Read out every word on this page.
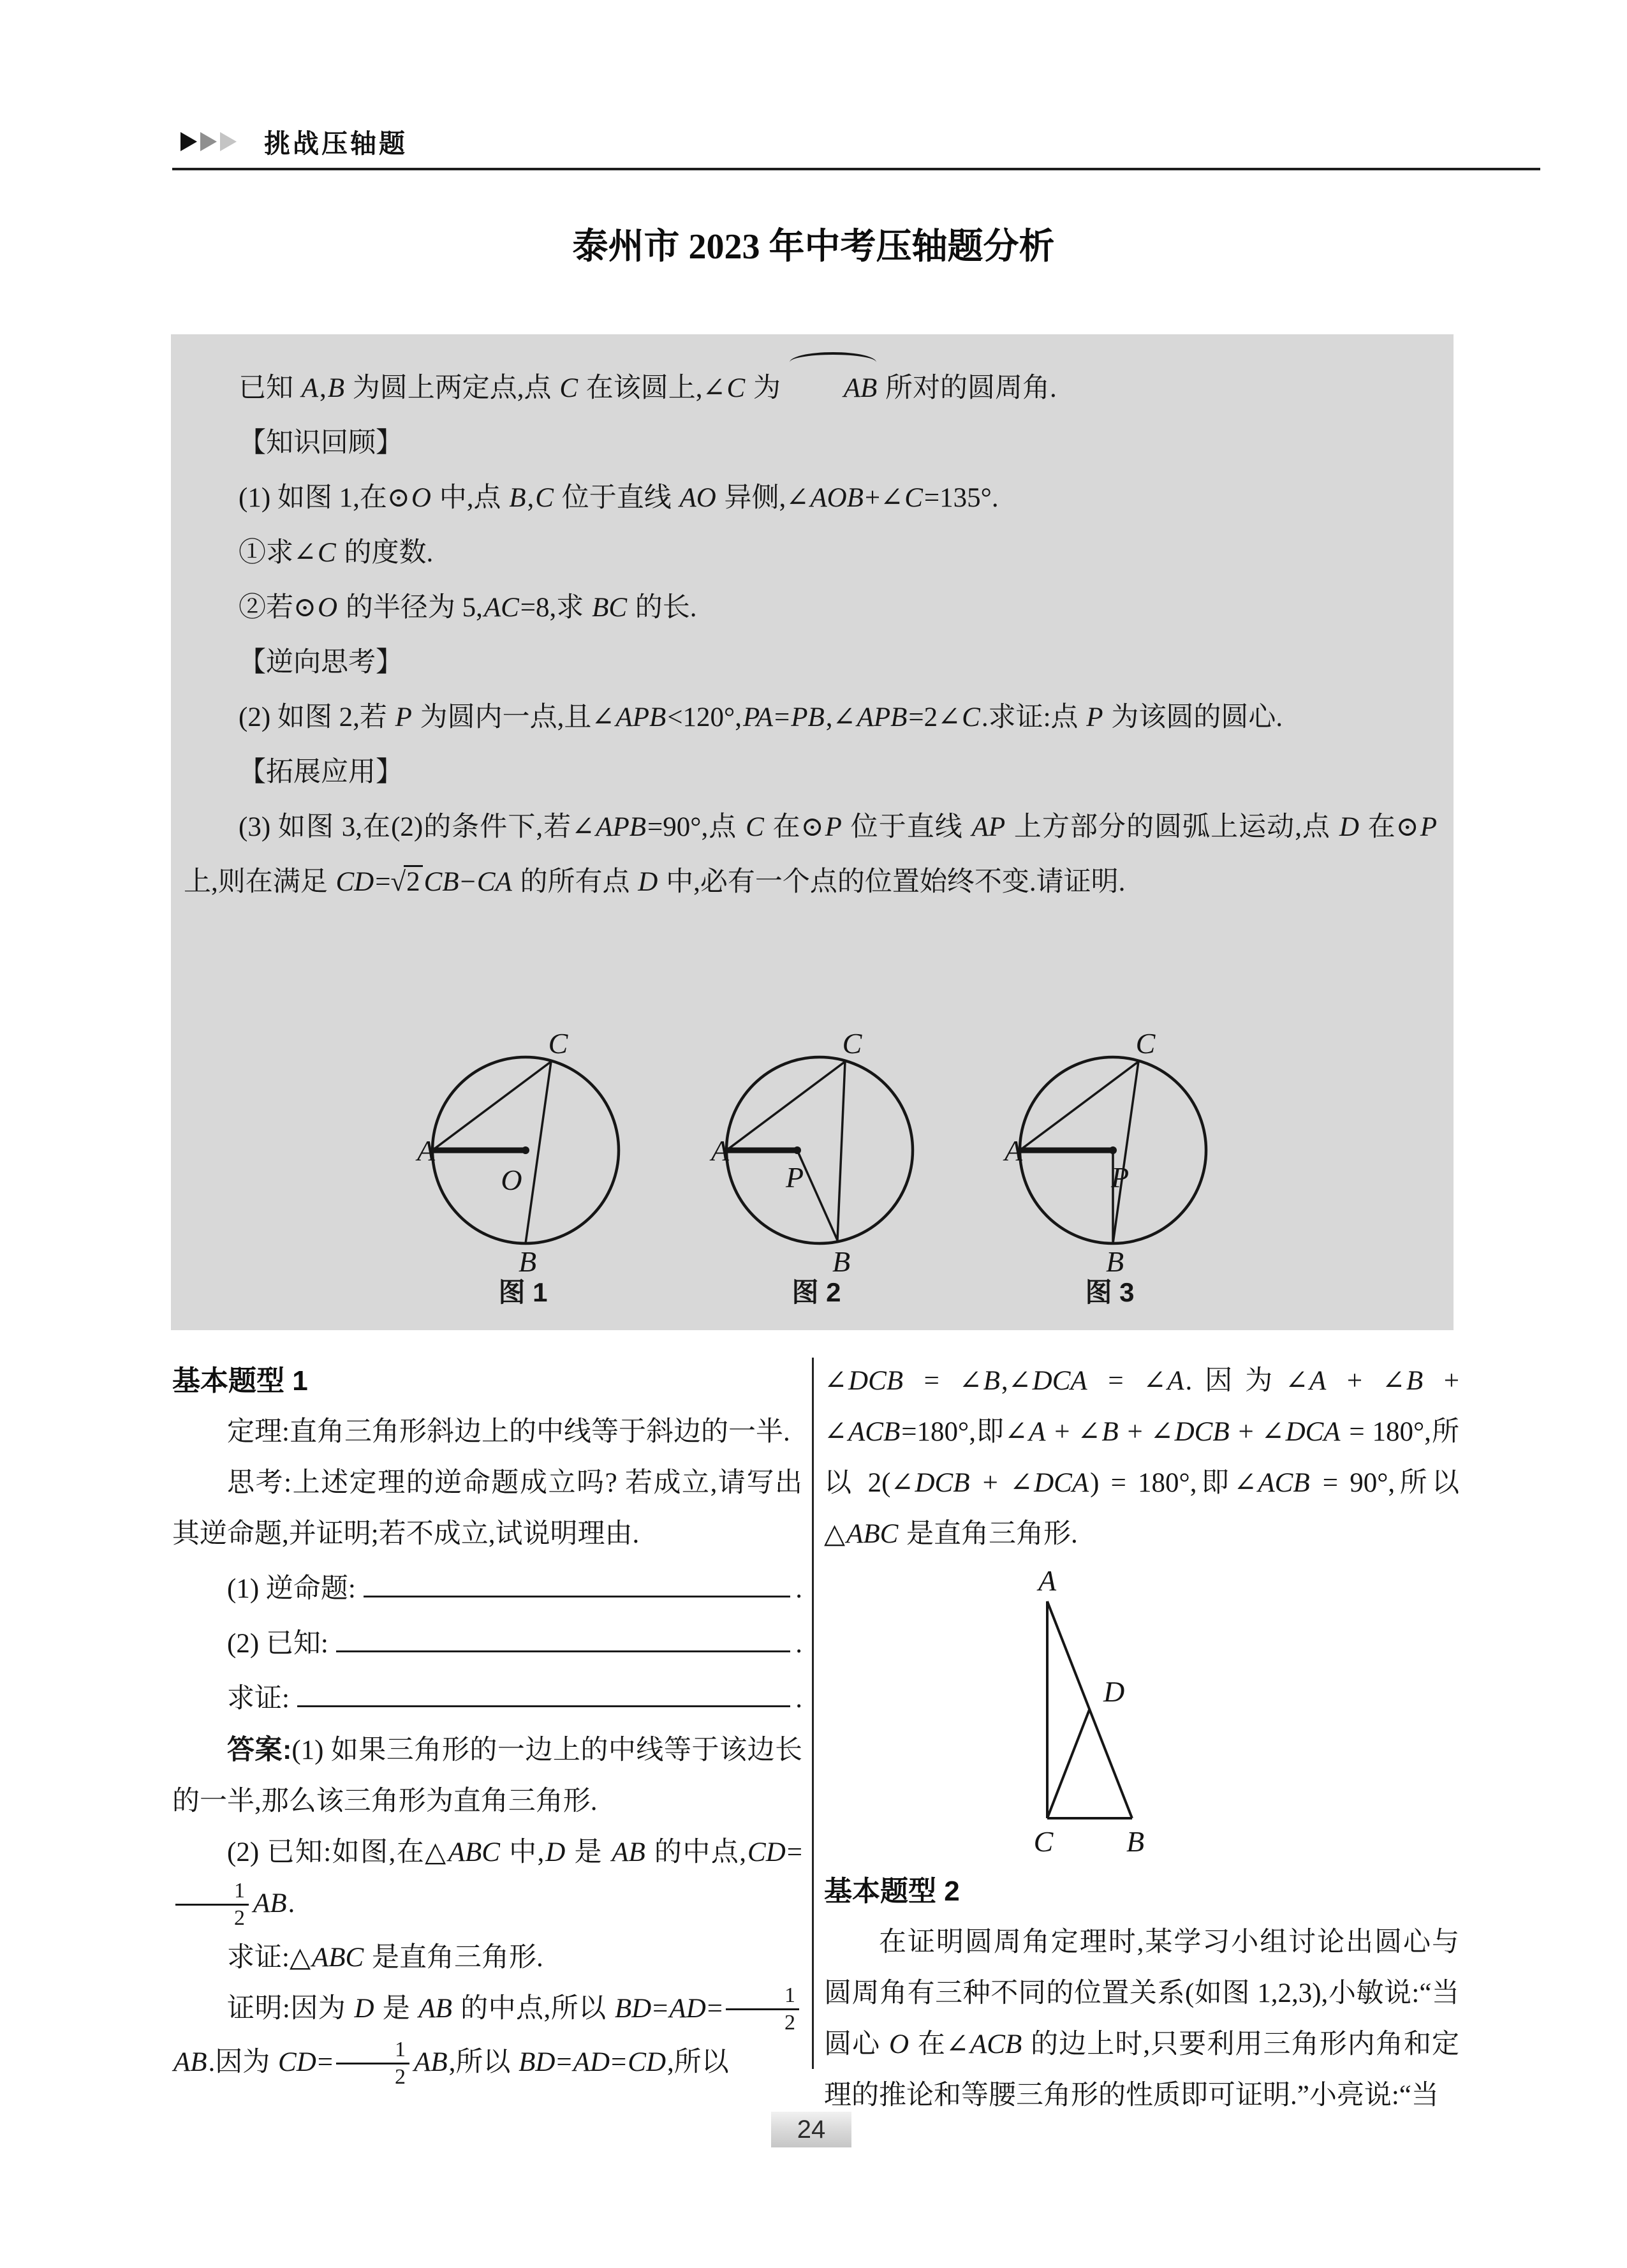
挑战压轴题
泰州市 2023 年中考压轴题分析

已知 A,B 为圆上两定点,点 C 在该圆上,∠C 为 AB 所对的圆周角.

【知识回顾】

(1) 如图 1,在⊙O 中,点 B,C 位于直线 AO 异侧,∠AOB+∠C=135°.

①求∠C 的度数.

②若⊙O 的半径为 5,AC=8,求 BC 的长.

【逆向思考】

(2) 如图 2,若 P 为圆内一点,且∠APB<120°,PA=PB,∠APB=2∠C.求证:点 P 为该圆的圆心.

【拓展应用】

(3) 如图 3,在(2)的条件下,若∠APB=90°,点 C 在⊙P 位于直线 AP 上方部分的圆弧上运动,点 D 在⊙P 上,则在满足 CD=√2 CB−CA 的所有点 D 中,必有一个点的位置始终不变.请证明.

A
C
O
B
A
C
P
B
A
C
P
B
图 1	图 2	图 3
基本题型 1

定理:直角三角形斜边上的中线等于斜边的一半.

思考:上述定理的逆命题成立吗? 若成立,请写出其逆命题,并证明;若不成立,试说明理由.

(1) 逆命题:	.

(2) 已知:	.

求证:	.

答案:(1) 如果三角形的一边上的中线等于该边长的一半,那么该三角形为直角三角形.

(2) 已知:如图,在△ABC 中,D 是 AB 的中点,CD=
$\frac{1}{2}$ AB.

求证:△ABC 是直角三角形.

证明:因为 D 是 AB 的中点,所以 $BD=AD= \frac{1}{2}$
AB.因为 $CD= \frac{1}{2}$ AB,所以 BD=AD=CD,所以

∠DCB = ∠B,∠DCA = ∠A.因为∠A + ∠B + ∠ACB=180°,即∠A + ∠B + ∠DCB + ∠DCA = 180°,所以 2(∠DCB + ∠DCA) = 180°,即∠ACB = 90°,所以△ABC 是直角三角形.

A
D
C B
基本题型 2

在证明圆周角定理时,某学习小组讨论出圆心与圆周角有三种不同的位置关系(如图 1,2,3),小敏说:“当圆心 O 在∠ACB 的边上时,只要利用三角形内角和定理的推论和等腰三角形的性质即可证明.”小亮说:“当

24
